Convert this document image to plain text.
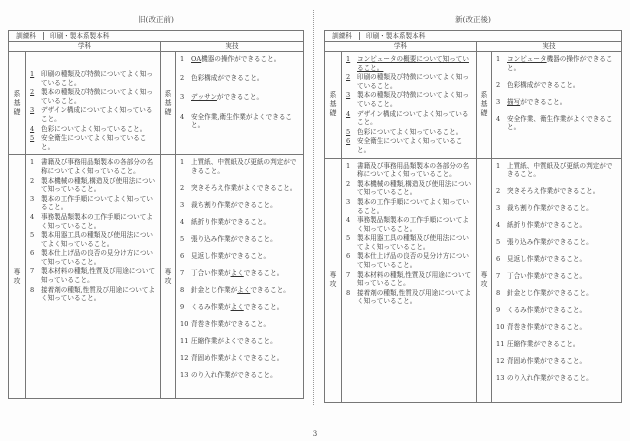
旧(改正前)
訓練科 印刷・製本系製本科			
学科		実技	
系基礎	
1	印刷の種類及び特徴についてよく知っていること。
2	製本の種類及び特徴についてよく知っていること。
3	デザイン構成についてよく知っていること。
4	色彩についてよく知っていること。
5	安全衛生についてよく知っていること。
	系基礎	
1	OA機器の操作ができること。
2	色彩構成ができること。
3	デッサンができること。
4	安全作業,衛生作業がよくできること。

専攻	
1	書籍及び事務用品類製本の各部分の名称についてよく知っていること。
2	製本機械の種類,構造及び使用法について知っていること。
3	製本の工作手順についてよく知っていること。
4	事務製品類製本の工作手順についてよく知っていること。
5	製本用器工具の種類及び使用法についてよく知っていること。
6	製本仕上げ品の良否の見分け方について知っていること。
7	製本材料の種類,性質及び用途について知っていること。
8	接着剤の種類,性質及び用途についてよく知っていること。
	専攻	
1	上質紙、中質紙及び更紙の判定ができること。
2	突きそろえ作業がよくできること。
3	裁ち割り作業ができること。
4	紙折り作業ができること。
5	張り込み作業ができること。
6	見返し作業ができること。
7	丁合い作業がよくできること。
8	針金とじ作業がよくできること。
9	くるみ作業がよくできること。
10 背巻き作業ができること。
11 圧縮作業がよくできること。
12 背固め作業がよくできること。
13 のり入れ作業ができること。
新(改正後)
訓練科 印刷・製本系製本科			
学科		実技	
系基礎	
1	コンピュータの概要について知っていること。
2	印刷の種類及び特徴についてよく知っていること。
3	製本の種類及び特徴についてよく知っていること。
4	デザイン構成についてよく知っていること。
5	色彩についてよく知っていること。
6	安全衛生についてよく知っていること。
	系基礎	
1	コンピュータ機器の操作ができること。
2	色彩構成ができること。
3	描写ができること。
4	安全作業、衛生作業がよくできること。

専攻	
1	書籍及び事務用品類製本の各部分の名称についてよく知っていること。
2	製本機械の種類,構造及び使用法について知っていること。
3	製本の工作手順についてよく知っていること。
4	事務製品類製本の工作手順についてよく知っていること。
5	製本用器工具の種類及び使用法についてよく知っていること。
6	製本仕上げ品の良否の見分け方について知っていること。
7	製本材料の種類,性質及び用途について知っていること。
8	接着剤の種類,性質及び用途についてよく知っていること。
	専攻	
1	上質紙、中質紙及び更紙の判定ができること。
2	突きそろえ作業ができること。
3	裁ち割り作業ができること。
4	紙折り作業ができること。
5	張り込み作業ができること。
6	見返し作業ができること。
7	丁合い作業ができること。
8	針金とじ作業ができること。
9	くるみ作業ができること。
10 背巻き作業ができること。
11 圧縮作業ができること。
12 背固め作業ができること。
13 のり入れ作業ができること。
3
